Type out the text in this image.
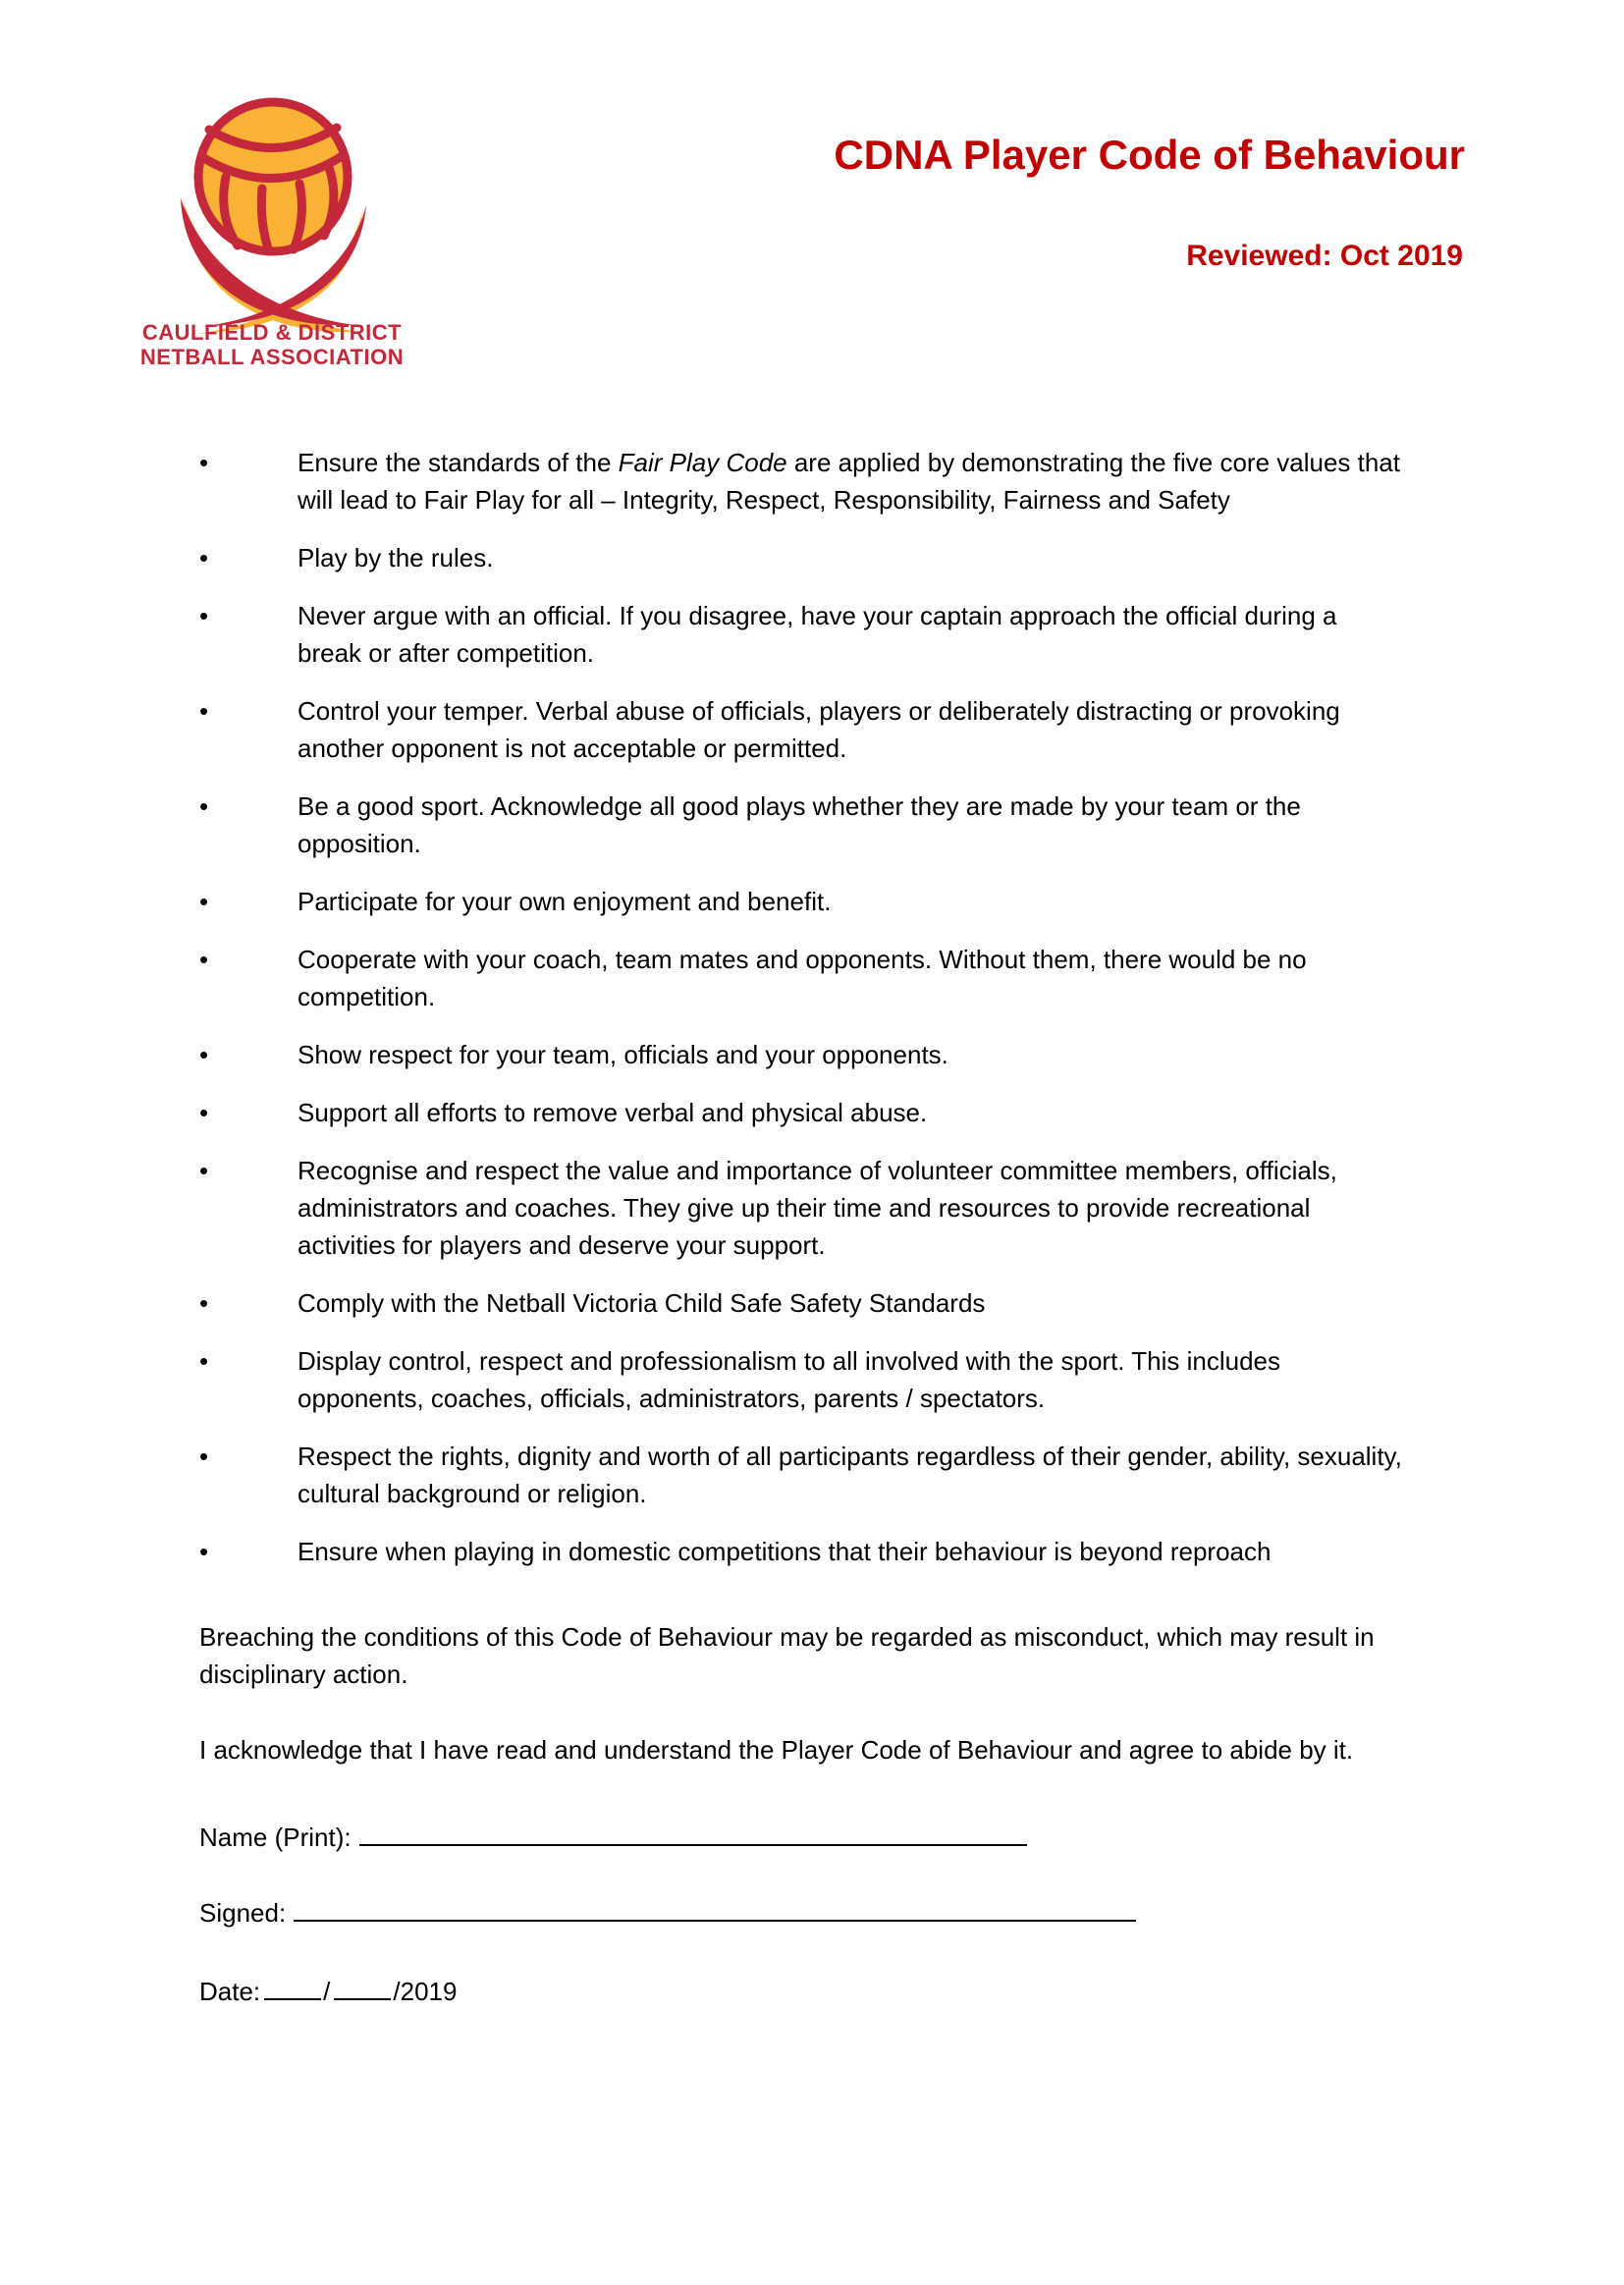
CAULFIELD & DISTRICT
NETBALL ASSOCIATION
CDNA Player Code of Behaviour
Reviewed: Oct 2019
•	Ensure the standards of the Fair Play Code are applied by demonstrating the five core values that will lead to Fair Play for all – Integrity, Respect, Responsibility, Fairness and Safety
•	Play by the rules.
•	Never argue with an official. If you disagree, have your captain approach the official during a break or after competition.
•	Control your temper. Verbal abuse of officials, players or deliberately distracting or provoking another opponent is not acceptable or permitted.
•	Be a good sport. Acknowledge all good plays whether they are made by your team or the opposition.
•	Participate for your own enjoyment and benefit.
•	Cooperate with your coach, team mates and opponents. Without them, there would be no competition.
•	Show respect for your team, officials and your opponents.
•	Support all efforts to remove verbal and physical abuse.
•	Recognise and respect the value and importance of volunteer committee members, officials, administrators and coaches. They give up their time and resources to provide recreational activities for players and deserve your support.
•	Comply with the Netball Victoria Child Safe Safety Standards
•	Display control, respect and professionalism to all involved with the sport. This includes opponents, coaches, officials, administrators, parents / spectators.
•	Respect the rights, dignity and worth of all participants regardless of their gender, ability, sexuality, cultural background or religion.
•	Ensure when playing in domestic competitions that their behaviour is beyond reproach

Breaching the conditions of this Code of Behaviour may be regarded as misconduct, which may result in disciplinary action.

I acknowledge that I have read and understand the Player Code of Behaviour and agree to abide by it.

Name (Print):
Signed:
Date: / /2019
